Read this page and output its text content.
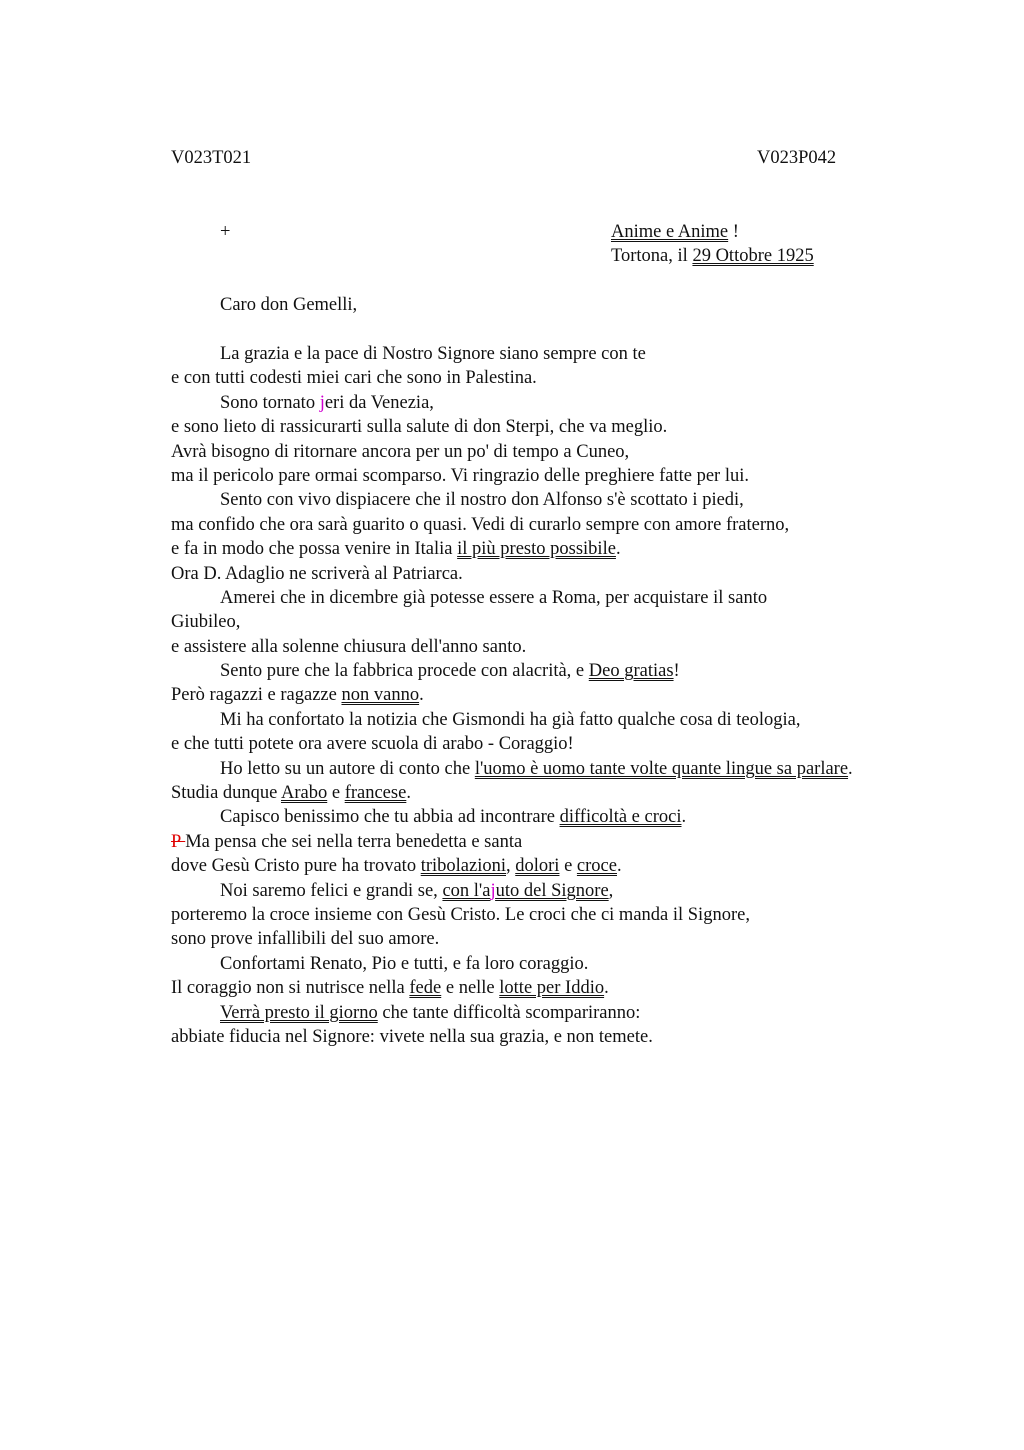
V023T021	V023P042
+	Anime e Anime !
Tortona, il 29 Ottobre 1925
Caro don Gemelli,
La grazia e la pace di Nostro Signore siano sempre con te
e con tutti codesti miei cari che sono in Palestina.
Sono tornato jeri da Venezia,
e sono lieto di rassicurarti sulla salute di don Sterpi, che va meglio.
Avrà bisogno di ritornare ancora per un po' di tempo a Cuneo,
ma il pericolo pare ormai scomparso. Vi ringrazio delle preghiere fatte per lui.
Sento con vivo dispiacere che il nostro don Alfonso s'è scottato i piedi,
ma confido che ora sarà guarito o quasi. Vedi di curarlo sempre con amore fraterno,
e fa in modo che possa venire in Italia il più presto possibile.
Ora D. Adaglio ne scriverà al Patriarca.
Amerei che in dicembre già potesse essere a Roma, per acquistare il santo
Giubileo,
e assistere alla solenne chiusura dell'anno santo.
Sento pure che la fabbrica procede con alacrità, e Deo gratias!
Però ragazzi e ragazze non vanno.
Mi ha confortato la notizia che Gismondi ha già fatto qualche cosa di teologia,
e che tutti potete ora avere scuola di arabo - Coraggio!
Ho letto su un autore di conto che l'uomo è uomo tante volte quante lingue sa parlare.
Studia dunque Arabo e francese.
Capisco benissimo che tu abbia ad incontrare difficoltà e croci.
P Ma pensa che sei nella terra benedetta e santa
dove Gesù Cristo pure ha trovato tribolazioni, dolori e croce.
Noi saremo felici e grandi se, con l'ajuto del Signore,
porteremo la croce insieme con Gesù Cristo. Le croci che ci manda il Signore,
sono prove infallibili del suo amore.
Confortami Renato, Pio e tutti, e fa loro coraggio.
Il coraggio non si nutrisce nella fede e nelle lotte per Iddio.
Verrà presto il giorno che tante difficoltà scompariranno:
abbiate fiducia nel Signore: vivete nella sua grazia, e non temete.
